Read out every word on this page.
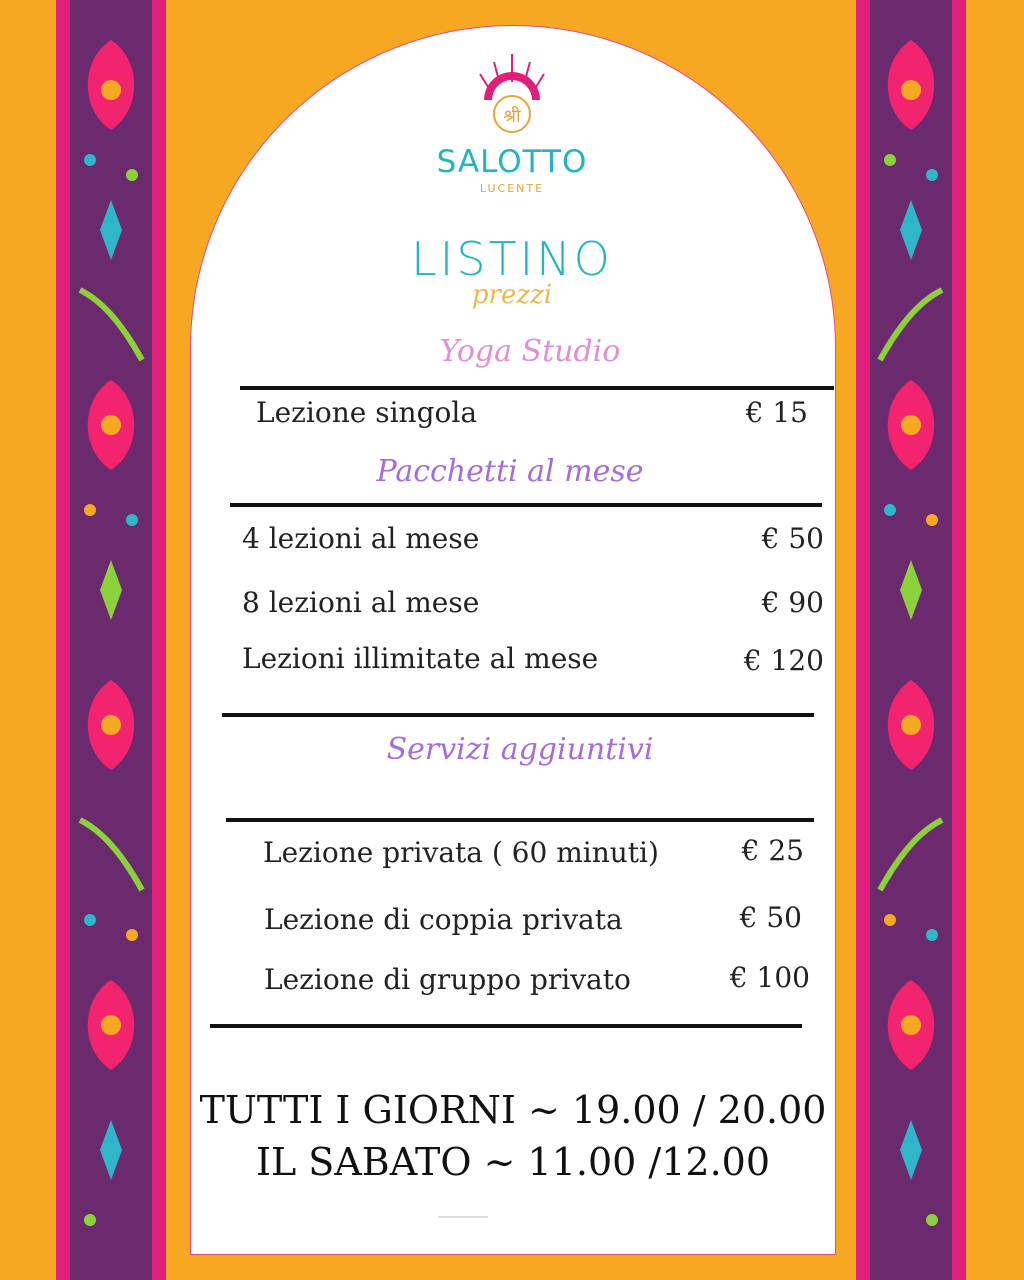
श्री
SALOTTO
LUCENTE
LISTINO
prezzi
Yoga Studio
Lezione singola	€ 15
Pacchetti al mese
4 lezioni al mese	€ 50
8 lezioni al mese	€ 90
Lezioni illimitate al mese	€ 120
Servizi aggiuntivi
Lezione privata ( 60 minuti)	€ 25
Lezione di coppia privata	€ 50
Lezione di gruppo privato	€ 100
TUTTI I GIORNI ~ 19.00 / 20.00
IL SABATO ~ 11.00 /12.00
